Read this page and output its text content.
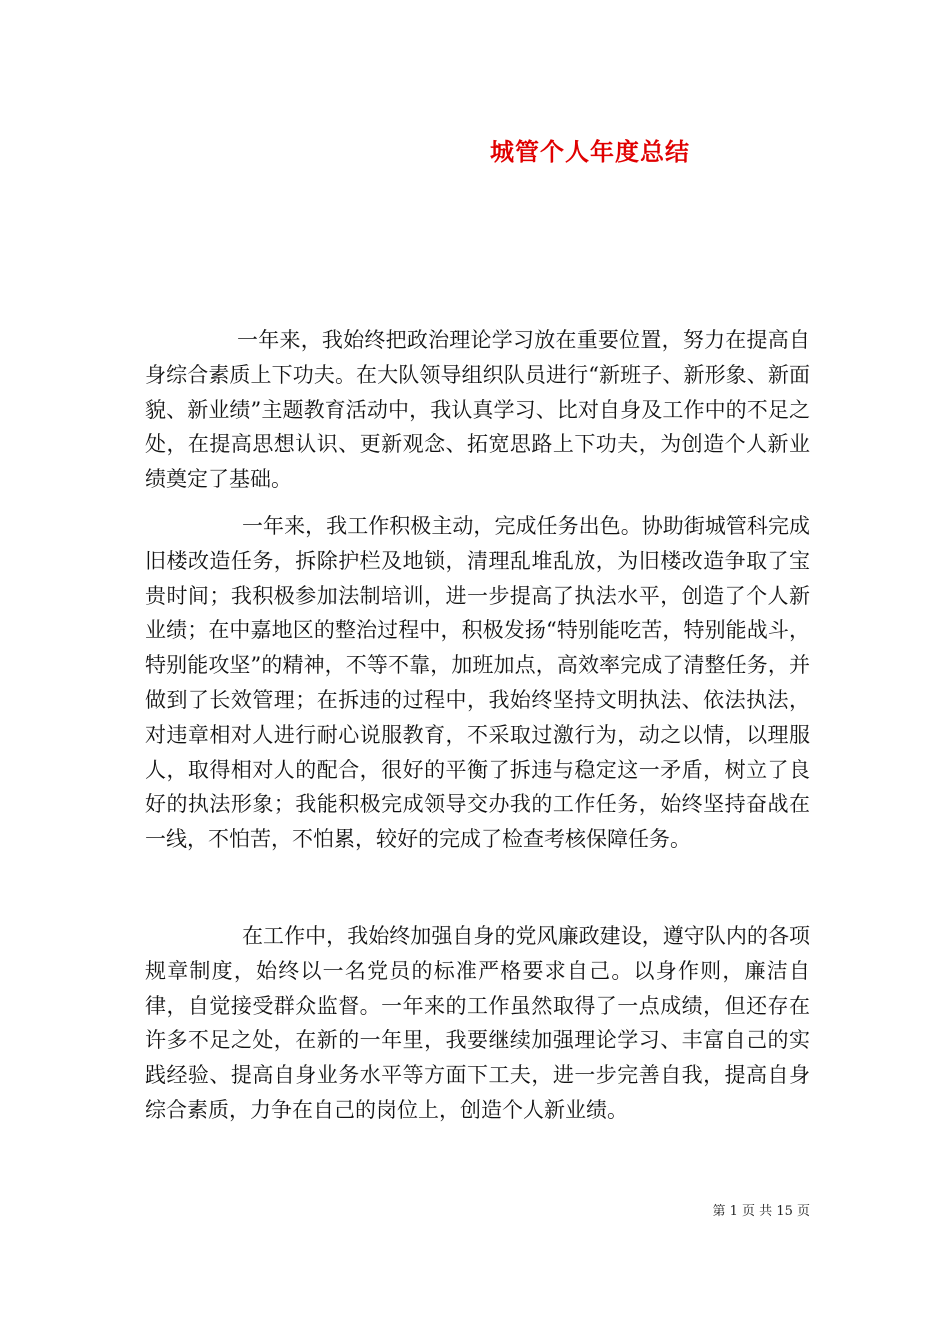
城管个人年度总结

一年来，我始终把政治理论学习放在重要位置，努力在提高自身综合素质上下功夫。在大队领导组织队员进行“新班子、新形象、新面貌、新业绩”主题教育活动中，我认真学习、比对自身及工作中的不足之处，在提高思想认识、更新观念、拓宽思路上下功夫，为创造个人新业绩奠定了基础。

一年来，我工作积极主动，完成任务出色。协助街城管科完成旧楼改造任务，拆除护栏及地锁，清理乱堆乱放，为旧楼改造争取了宝贵时间；我积极参加法制培训，进一步提高了执法水平，创造了个人新业绩；在中嘉地区的整治过程中，积极发扬“特别能吃苦，特别能战斗，特别能攻坚”的精神，不等不靠，加班加点，高效率完成了清整任务，并做到了长效管理；在拆违的过程中，我始终坚持文明执法、依法执法，对违章相对人进行耐心说服教育，不采取过激行为，动之以情，以理服人，取得相对人的配合，很好的平衡了拆违与稳定这一矛盾，树立了良好的执法形象；我能积极完成领导交办我的工作任务，始终坚持奋战在一线，不怕苦，不怕累，较好的完成了检查考核保障任务。

在工作中，我始终加强自身的党风廉政建设，遵守队内的各项规章制度，始终以一名党员的标准严格要求自己。以身作则，廉洁自律，自觉接受群众监督。一年来的工作虽然取得了一点成绩，但还存在许多不足之处，在新的一年里，我要继续加强理论学习、丰富自己的实践经验、提高自身业务水平等方面下工夫，进一步完善自我，提高自身综合素质，力争在自己的岗位上，创造个人新业绩。

第 1 页 共 15 页
